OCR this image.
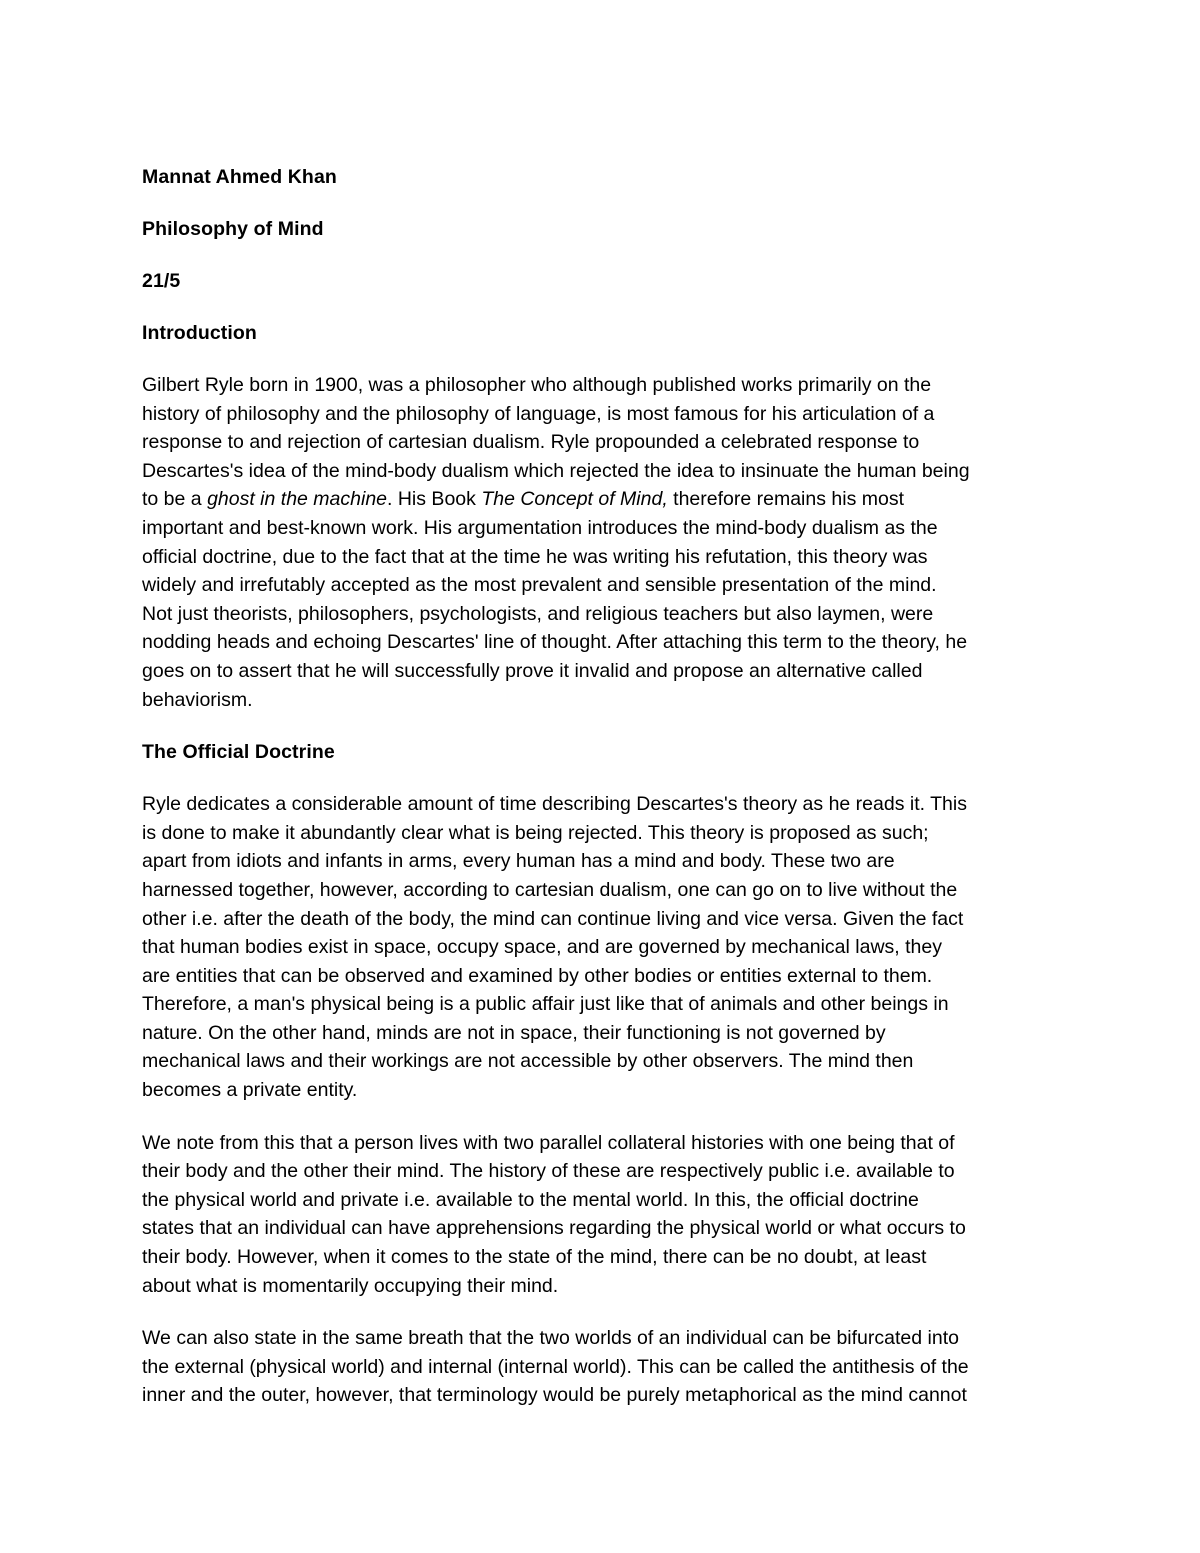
Mannat Ahmed Khan
Philosophy of Mind
21/5
Introduction
Gilbert Ryle born in 1900, was a philosopher who although published works primarily on the
history of philosophy and the philosophy of language, is most famous for his articulation of a
response to and rejection of cartesian dualism. Ryle propounded a celebrated response to
Descartes's idea of the mind-body dualism which rejected the idea to insinuate the human being
to be a ghost in the machine. His Book The Concept of Mind, therefore remains his most
important and best-known work. His argumentation introduces the mind-body dualism as the
official doctrine, due to the fact that at the time he was writing his refutation, this theory was
widely and irrefutably accepted as the most prevalent and sensible presentation of the mind.
Not just theorists, philosophers, psychologists, and religious teachers but also laymen, were
nodding heads and echoing Descartes' line of thought. After attaching this term to the theory, he
goes on to assert that he will successfully prove it invalid and propose an alternative called
behaviorism.
The Official Doctrine
Ryle dedicates a considerable amount of time describing Descartes's theory as he reads it. This
is done to make it abundantly clear what is being rejected. This theory is proposed as such;
apart from idiots and infants in arms, every human has a mind and body. These two are
harnessed together, however, according to cartesian dualism, one can go on to live without the
other i.e. after the death of the body, the mind can continue living and vice versa. Given the fact
that human bodies exist in space, occupy space, and are governed by mechanical laws, they
are entities that can be observed and examined by other bodies or entities external to them.
Therefore, a man's physical being is a public affair just like that of animals and other beings in
nature. On the other hand, minds are not in space, their functioning is not governed by
mechanical laws and their workings are not accessible by other observers. The mind then
becomes a private entity.
We note from this that a person lives with two parallel collateral histories with one being that of
their body and the other their mind. The history of these are respectively public i.e. available to
the physical world and private i.e. available to the mental world. In this, the official doctrine
states that an individual can have apprehensions regarding the physical world or what occurs to
their body. However, when it comes to the state of the mind, there can be no doubt, at least
about what is momentarily occupying their mind.
We can also state in the same breath that the two worlds of an individual can be bifurcated into
the external (physical world) and internal (internal world). This can be called the antithesis of the
inner and the outer, however, that terminology would be purely metaphorical as the mind cannot
